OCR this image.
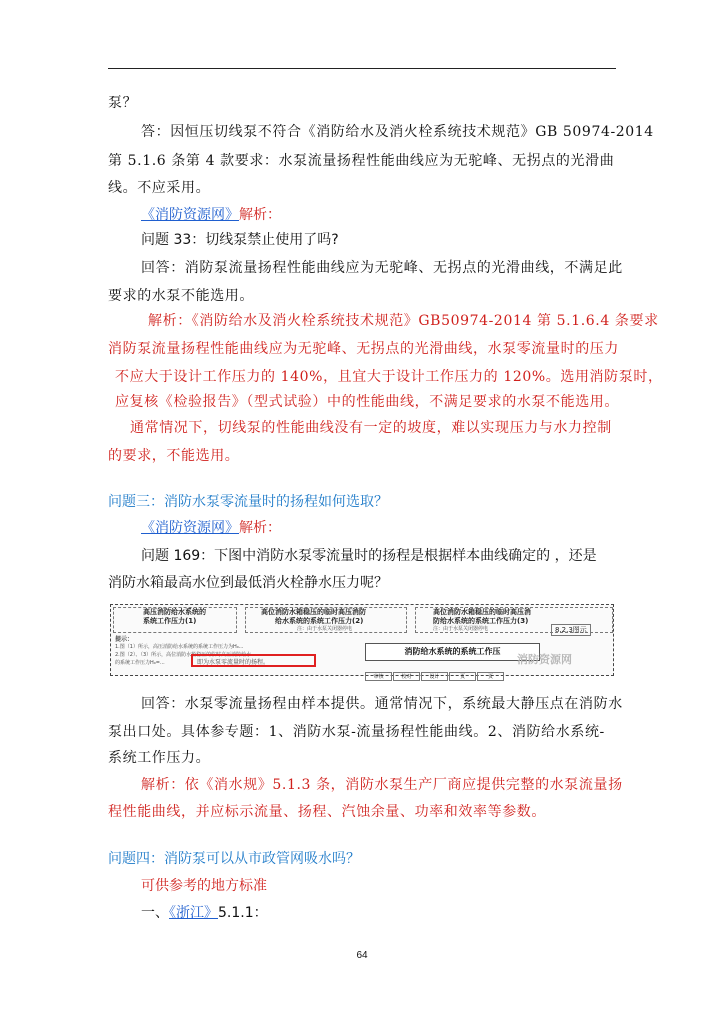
泵？
答：因恒压切线泵不符合《消防给水及消火栓系统技术规范》GB 50974-2014
第 5.1.6 条第 4 款要求：水泵流量扬程性能曲线应为无驼峰、无拐点的光滑曲
线。不应采用。
《消防资源网》解析：
问题 33：切线泵禁止使用了吗?
回答：消防泵流量扬程性能曲线应为无驼峰、无拐点的光滑曲线，不满足此
要求的水泵不能选用。
解析：《消防给水及消火栓系统技术规范》GB50974-2014 第 5.1.6.4 条要求
消防泵流量扬程性能曲线应为无驼峰、无拐点的光滑曲线，水泵零流量时的压力
不应大于设计工作压力的 140%，且宜大于设计工作压力的 120%。选用消防泵时，
应复核《检验报告》（型式试验）中的性能曲线，不满足要求的水泵不能选用。
通常情况下，切线泵的性能曲线没有一定的坡度，难以实现压力与水力控制
的要求，不能选用。
问题三：消防水泵零流量时的扬程如何选取？
《消防资源网》解析：
问题 169：下图中消防水泵零流量时的扬程是根据样本曲线确定的 ，还是
消防水箱最高水位到最低消火栓静水压力呢？
高压消防给水系统的
系统工作压力(1)
高位消防水箱稳压的临时高压消防
给水系统的系统工作压力(2)
注：由于水泵关闭器停电
高位消防水箱稳压的临时高压消
防给水系统的系统工作压力(3)
注：由于水泵关闭器停电	8.2.3图示
提示：
1.图（1）所示，高压消防给水系统的系统工作压力为H₀...
2.图（2）、（3）所示，高位消防水箱稳压的临时高压消防给水
的系统工作压力H₀=...	即为水泵零流量时的扬程。
消防给水系统的系统工作压
审核	校对	设计	页	页
消防资源网
回答：水泵零流量扬程由样本提供。通常情况下，系统最大静压点在消防水
泵出口处。具体参专题：1、消防水泵-流量扬程性能曲线。2、消防给水系统-
系统工作压力。
解析：依《消水规》5.1.3 条，消防水泵生产厂商应提供完整的水泵流量扬
程性能曲线，并应标示流量、扬程、汽蚀余量、功率和效率等参数。
问题四：消防泵可以从市政管网吸水吗？
可供参考的地方标准
一、《浙江》5.1.1：
64
